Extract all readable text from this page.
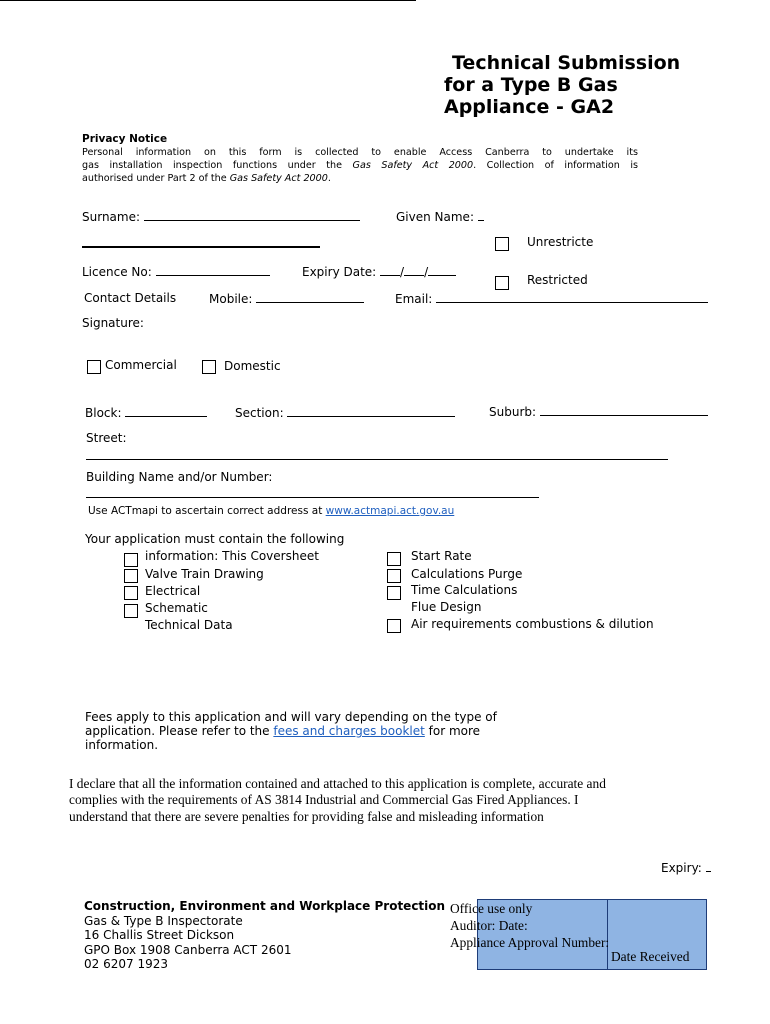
Technical Submission
for a Type B Gas
Appliance - GA2
Privacy Notice
Personal information on this form is collected to enable Access Canberra to undertake its
gas installation inspection functions under the Gas Safety Act 2000. Collection of information is
authorised under Part 2 of the Gas Safety Act 2000.
Surname:	Given Name:
Unrestricte
Restricted
Licence No:	Expiry Date: / /
Contact Details	Mobile:	Email:
Signature:
Commercial	Domestic
Block:	Section:	Suburb:
Street:
Building Name and/or Number:
Use ACTmapi to ascertain correct address at www.actmapi.act.gov.au
Your application must contain the following
information: This Coversheet
Valve Train Drawing
Electrical
Schematic
Technical Data
Start Rate
Calculations Purge
Time Calculations
Flue Design
Air requirements combustions & dilution
Fees apply to this application and will vary depending on the type of
application. Please refer to the fees and charges booklet for more
information.
I declare that all the information contained and attached to this application is complete, accurate and
complies with the requirements of AS 3814 Industrial and Commercial Gas Fired Appliances. I
understand that there are severe penalties for providing false and misleading information
Expiry:
Construction, Environment and Workplace Protection
Gas & Type B Inspectorate
16 Challis Street Dickson
GPO Box 1908 Canberra ACT 2601
02 6207 1923
Office use only
Auditor: Date:
Appliance Approval Number:
Date Received
